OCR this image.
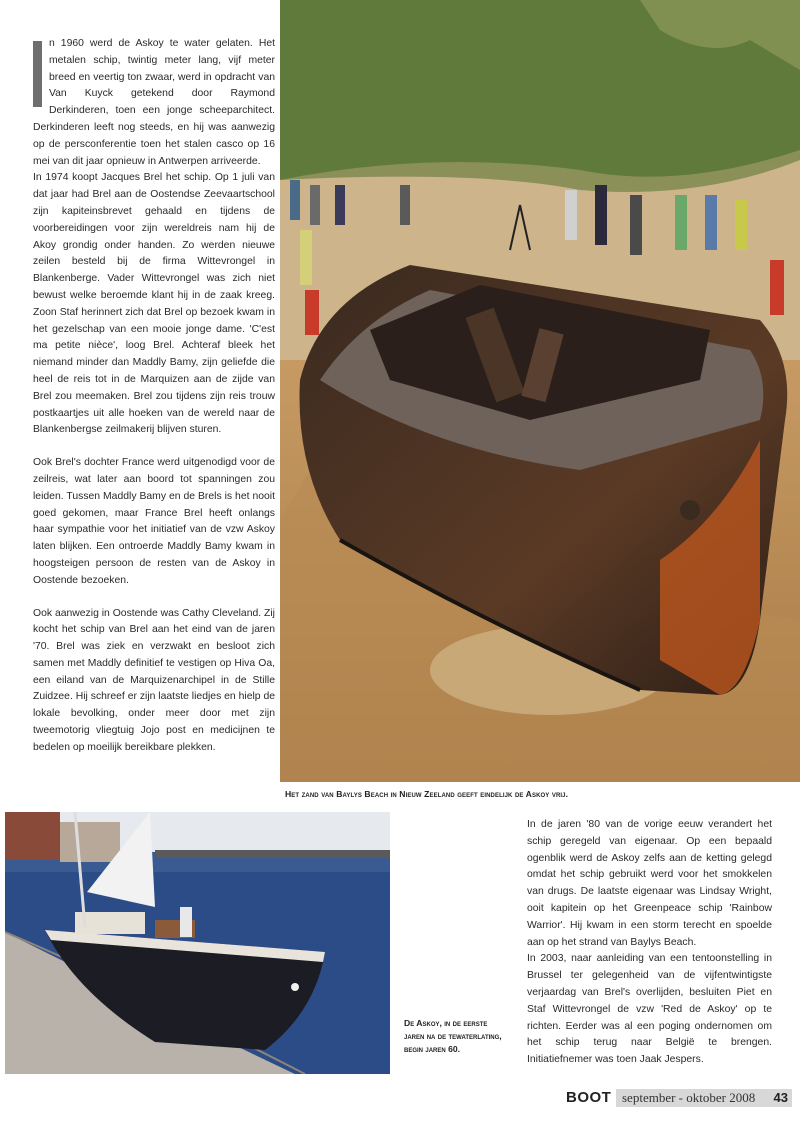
n 1960 werd de Askoy te water gelaten. Het metalen schip, twintig meter lang, vijf meter breed en veertig ton zwaar, werd in opdracht van Van Kuyck getekend door Raymond Derkinderen, toen een jonge scheeparchitect. Derkinderen leeft nog steeds, en hij was aanwezig op de persconferentie toen het stalen casco op 16 mei van dit jaar opnieuw in Antwerpen arriveerde.

In 1974 koopt Jacques Brel het schip. Op 1 juli van dat jaar had Brel aan de Oostendse Zeevaartschool zijn kapiteinsbrevet gehaald en tijdens de voorbereidingen voor zijn wereldreis nam hij de Akoy grondig onder handen. Zo werden nieuwe zeilen besteld bij de firma Wittevrongel in Blankenberge. Vader Wittevrongel was zich niet bewust welke beroemde klant hij in de zaak kreeg. Zoon Staf herinnert zich dat Brel op bezoek kwam in het gezelschap van een mooie jonge dame. 'C'est ma petite nièce', loog Brel. Achteraf bleek het niemand minder dan Maddly Bamy, zijn geliefde die heel de reis tot in de Marquizen aan de zijde van Brel zou meemaken. Brel zou tijdens zijn reis trouw postkaartjes uit alle hoeken van de wereld naar de Blankenbergse zeilmakerij blijven sturen.

Ook Brel's dochter France werd uitgenodigd voor de zeilreis, wat later aan boord tot spanningen zou leiden. Tussen Maddly Bamy en de Brels is het nooit goed gekomen, maar France Brel heeft onlangs haar sympathie voor het initiatief van de vzw Askoy laten blijken. Een ontroerde Maddly Bamy kwam in hoogsteigen persoon de resten van de Askoy in Oostende bezoeken.

Ook aanwezig in Oostende was Cathy Cleveland. Zij kocht het schip van Brel aan het eind van de jaren '70. Brel was ziek en verzwakt en besloot zich samen met Maddly definitief te vestigen op Hiva Oa, een eiland van de Marquizenarchipel in de Stille Zuidzee. Hij schreef er zijn laatste liedjes en hielp de lokale bevolking, onder meer door met zijn tweemotorig vliegtuig Jojo post en medicijnen te bedelen op moeilijk bereikbare plekken.

Het zand van Baylys Beach in Nieuw Zeeland geeft eindelijk de Askoy vrij.
De Askoy, in de eerste jaren na de tewaterlating, begin jaren 60.

In de jaren '80 van de vorige eeuw verandert het schip geregeld van eigenaar. Op een bepaald ogenblik werd de Askoy zelfs aan de ketting gelegd omdat het schip gebruikt werd voor het smokkelen van drugs. De laatste eigenaar was Lindsay Wright, ooit kapitein op het Greenpeace schip 'Rainbow Warrior'. Hij kwam in een storm terecht en spoelde aan op het strand van Baylys Beach.

In 2003, naar aanleiding van een tentoonstelling in Brussel ter gelegenheid van de vijfentwintigste verjaardag van Brel's overlijden, besluiten Piet en Staf Wittevrongel de vzw 'Red de Askoy' op te richten. Eerder was al een poging ondernomen om het schip terug naar België te brengen. Initiatiefnemer was toen Jaak Jespers.

BOOT september - oktober 2008	43
